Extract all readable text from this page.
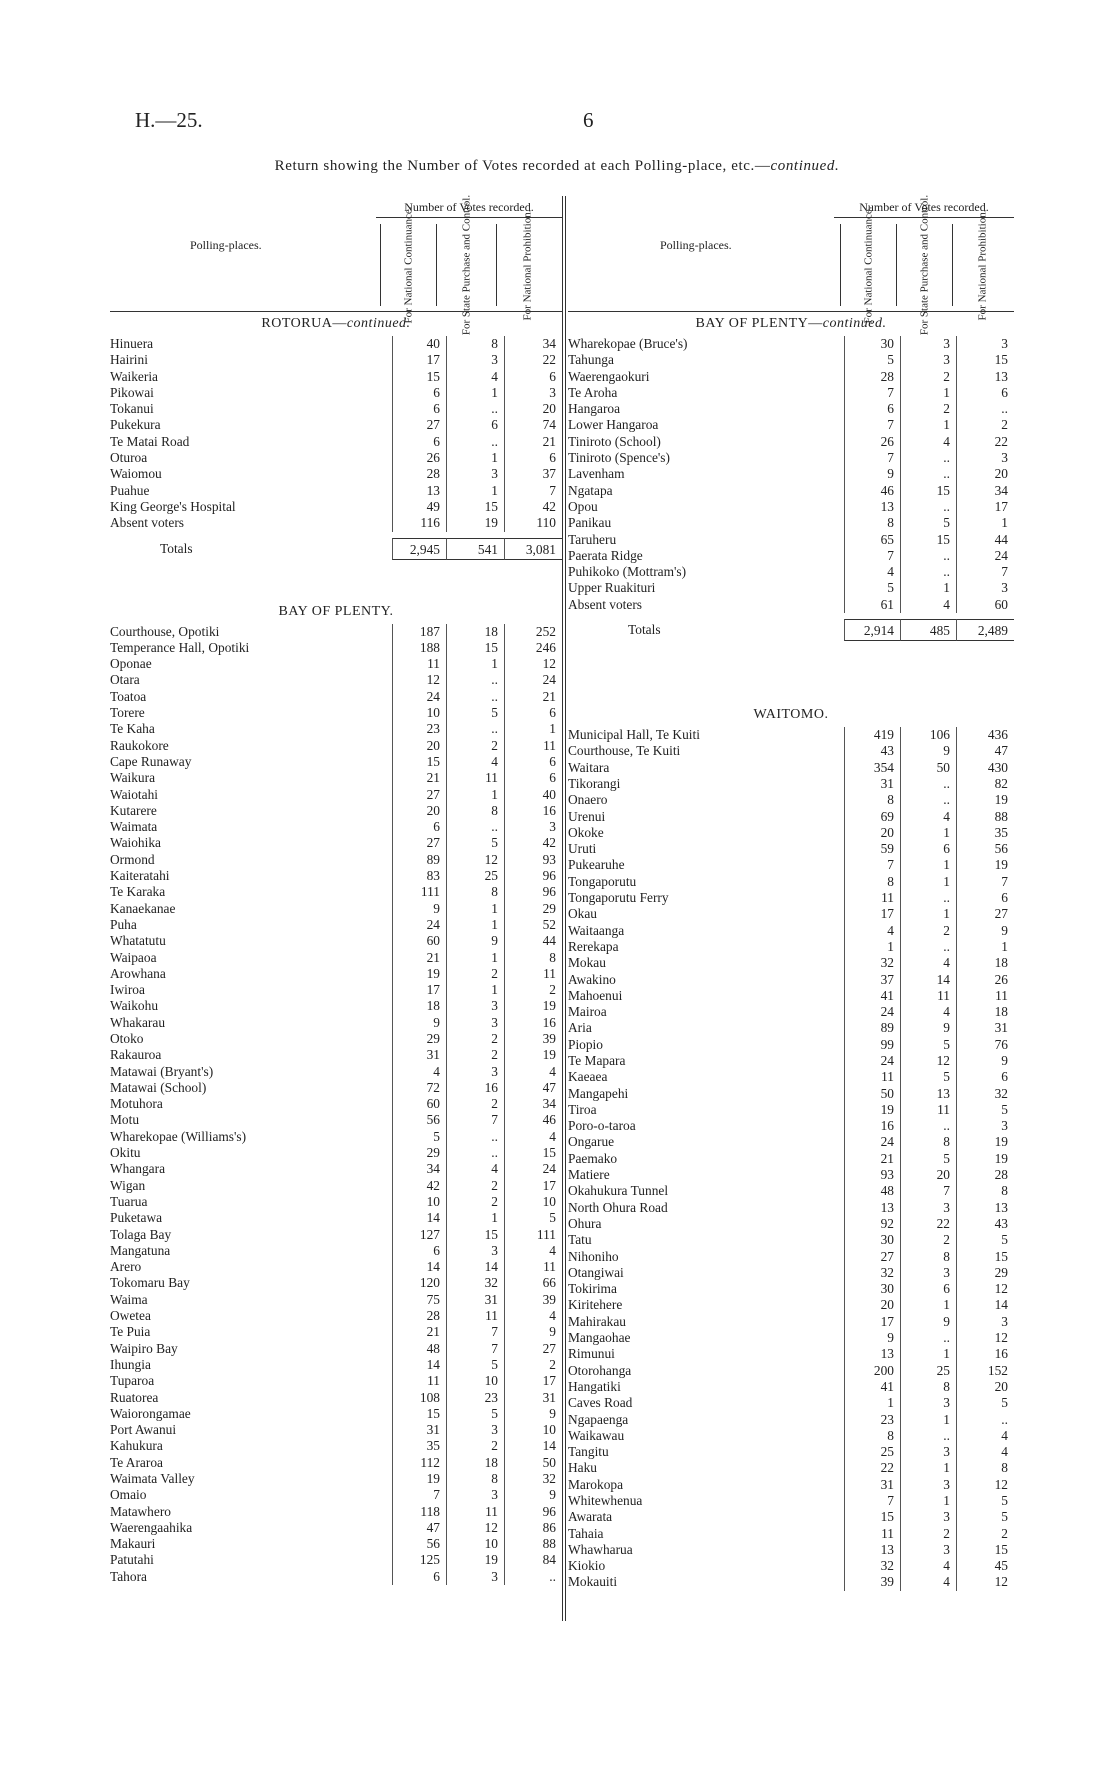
H.—25.	6
Return showing the Number of Votes recorded at each Polling-place, etc.—continued.
Polling-places.
Number of Votes recorded.
For National Continuance.	For State Purchase and Control.	For National Prohibition.
ROTORUA—continued.
Hinuera	40	8	34
Hairini	17	3	22
Waikeria	15	4	6
Pikowai	6	1	3
Tokanui	6	..	20
Pukekura	27	6	74
Te Matai Road	6	..	21
Oturoa	26	1	6
Waiomou	28	3	37
Puahue	13	1	7
King George's Hospital	49	15	42
Absent voters	116	19	110
Totals	2,945	541	3,081
BAY OF PLENTY.
Courthouse, Opotiki	187	18	252
Temperance Hall, Opotiki	188	15	246
Oponae	11	1	12
Otara	12	..	24
Toatoa	24	..	21
Torere	10	5	6
Te Kaha	23	..	1
Raukokore	20	2	11
Cape Runaway	15	4	6
Waikura	21	11	6
Waiotahi	27	1	40
Kutarere	20	8	16
Waimata	6	..	3
Waiohika	27	5	42
Ormond	89	12	93
Kaiteratahi	83	25	96
Te Karaka	111	8	96
Kanaekanae	9	1	29
Puha	24	1	52
Whatatutu	60	9	44
Waipaoa	21	1	8
Arowhana	19	2	11
Iwiroa	17	1	2
Waikohu	18	3	19
Whakarau	9	3	16
Otoko	29	2	39
Rakauroa	31	2	19
Matawai (Bryant's)	4	3	4
Matawai (School)	72	16	47
Motuhora	60	2	34
Motu	56	7	46
Wharekopae (Williams's)	5	..	4
Okitu	29	..	15
Whangara	34	4	24
Wigan	42	2	17
Tuarua	10	2	10
Puketawa	14	1	5
Tolaga Bay	127	15	111
Mangatuna	6	3	4
Arero	14	14	11
Tokomaru Bay	120	32	66
Waima	75	31	39
Owetea	28	11	4
Te Puia	21	7	9
Waipiro Bay	48	7	27
Ihungia	14	5	2
Tuparoa	11	10	17
Ruatorea	108	23	31
Waiorongamae	15	5	9
Port Awanui	31	3	10
Kahukura	35	2	14
Te Araroa	112	18	50
Waimata Valley	19	8	32
Omaio	7	3	9
Matawhero	118	11	96
Waerengaahika	47	12	86
Makauri	56	10	88
Patutahi	125	19	84
Tahora	6	3	..
Polling-places.
Number of Votes recorded.
For National Continuance.	For State Purchase and Control.	For National Prohibition.
BAY OF PLENTY—continued.
Wharekopae (Bruce's)	30	3	3
Tahunga	5	3	15
Waerengaokuri	28	2	13
Te Aroha	7	1	6
Hangaroa	6	2	..
Lower Hangaroa	7	1	2
Tiniroto (School)	26	4	22
Tiniroto (Spence's)	7	..	3
Lavenham	9	..	20
Ngatapa	46	15	34
Opou	13	..	17
Panikau	8	5	1
Taruheru	65	15	44
Paerata Ridge	7	..	24
Puhikoko (Mottram's)	4	..	7
Upper Ruakituri	5	1	3
Absent voters	61	4	60
Totals	2,914	485	2,489
WAITOMO.
Municipal Hall, Te Kuiti	419	106	436
Courthouse, Te Kuiti	43	9	47
Waitara	354	50	430
Tikorangi	31	..	82
Onaero	8	..	19
Urenui	69	4	88
Okoke	20	1	35
Uruti	59	6	56
Pukearuhe	7	1	19
Tongaporutu	8	1	7
Tongaporutu Ferry	11	..	6
Okau	17	1	27
Waitaanga	4	2	9
Rerekapa	1	..	1
Mokau	32	4	18
Awakino	37	14	26
Mahoenui	41	11	11
Mairoa	24	4	18
Aria	89	9	31
Piopio	99	5	76
Te Mapara	24	12	9
Kaeaea	11	5	6
Mangapehi	50	13	32
Tiroa	19	11	5
Poro-o-taroa	16	..	3
Ongarue	24	8	19
Paemako	21	5	19
Matiere	93	20	28
Okahukura Tunnel	48	7	8
North Ohura Road	13	3	13
Ohura	92	22	43
Tatu	30	2	5
Nihoniho	27	8	15
Otangiwai	32	3	29
Tokirima	30	6	12
Kiritehere	20	1	14
Mahirakau	17	9	3
Mangaohae	9	..	12
Rimunui	13	1	16
Otorohanga	200	25	152
Hangatiki	41	8	20
Caves Road	1	3	5
Ngapaenga	23	1	..
Waikawau	8	..	4
Tangitu	25	3	4
Haku	22	1	8
Marokopa	31	3	12
Whitewhenua	7	1	5
Awarata	15	3	5
Tahaia	11	2	2
Whawharua	13	3	15
Kiokio	32	4	45
Mokauiti	39	4	12
